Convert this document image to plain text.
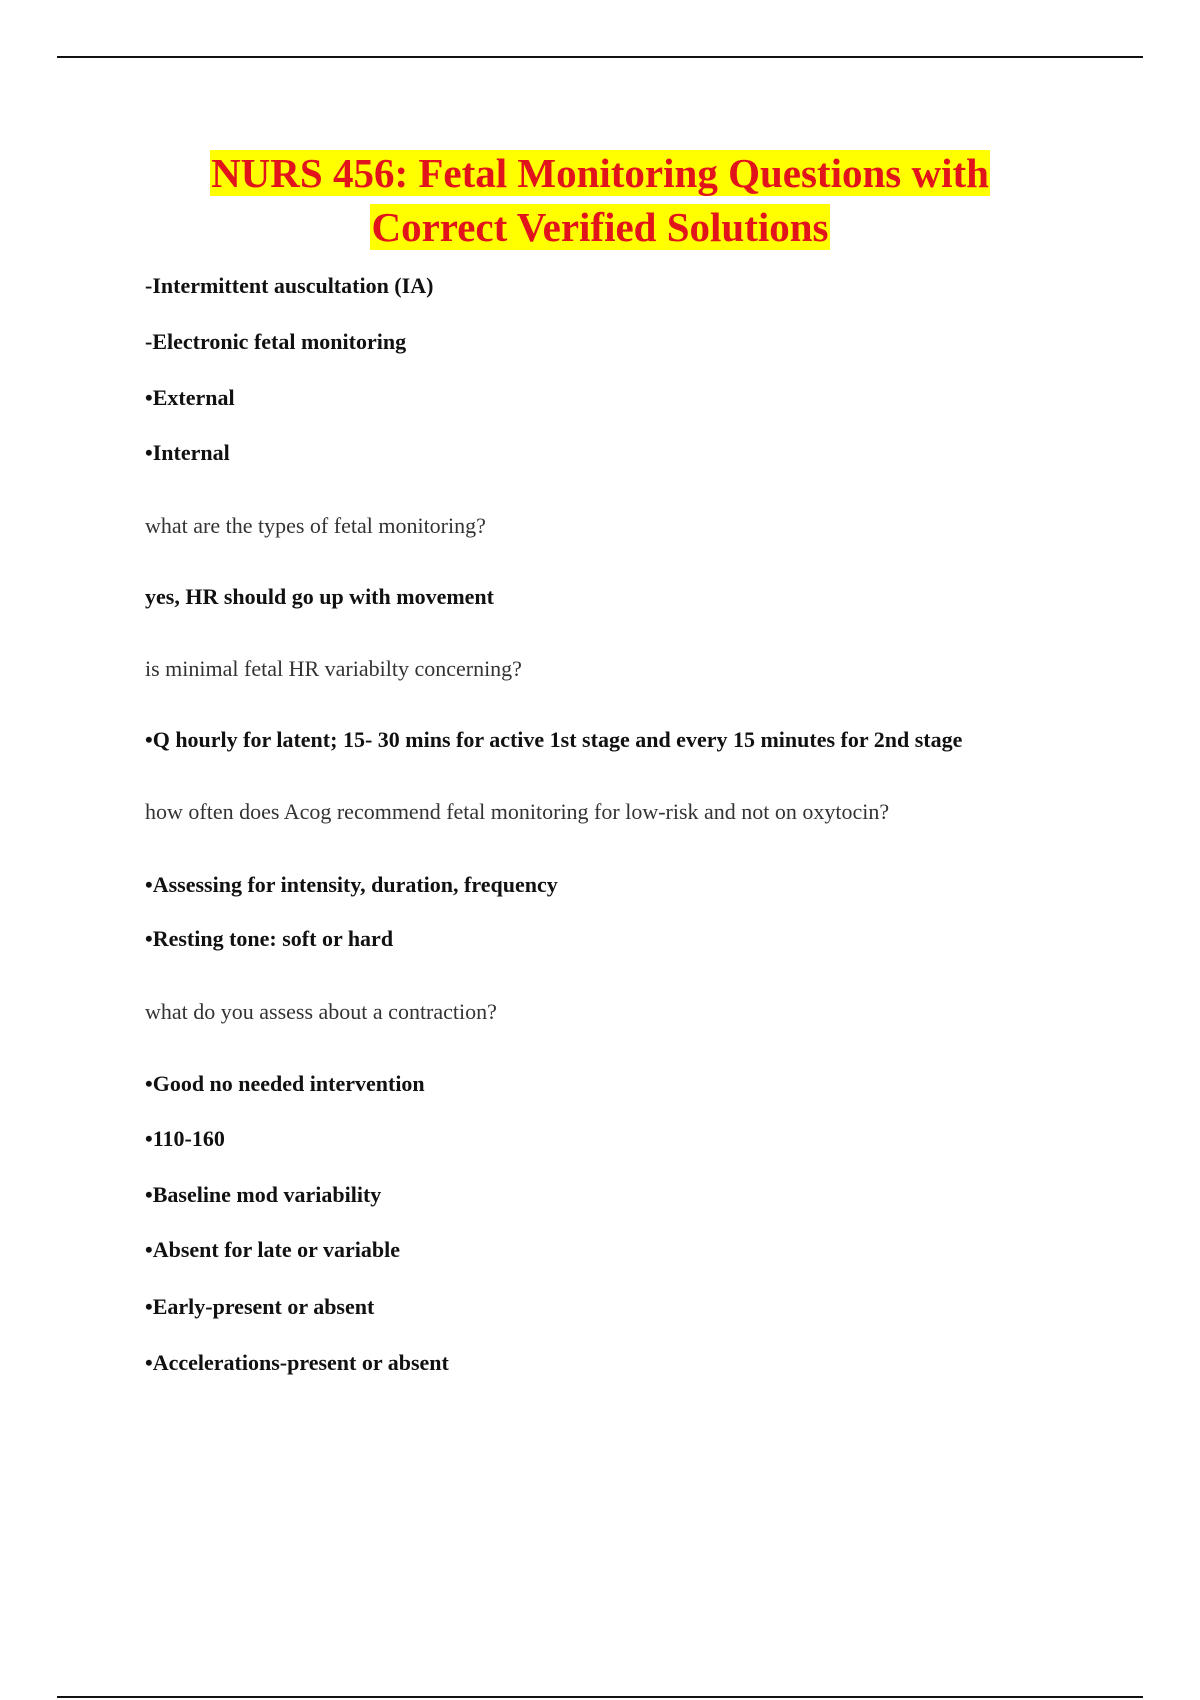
NURS 456: Fetal Monitoring Questions with
Correct Verified Solutions

-Intermittent auscultation (IA)

-Electronic fetal monitoring

•External

•Internal

what are the types of fetal monitoring?

yes, HR should go up with movement

is minimal fetal HR variabilty concerning?

•Q hourly for latent; 15- 30 mins for active 1st stage and every 15 minutes for 2nd stage

how often does Acog recommend fetal monitoring for low-risk and not on oxytocin?

•Assessing for intensity, duration, frequency

•Resting tone: soft or hard

what do you assess about a contraction?

•Good no needed intervention

•110-160

•Baseline mod variability

•Absent for late or variable

•Early-present or absent

•Accelerations-present or absent
